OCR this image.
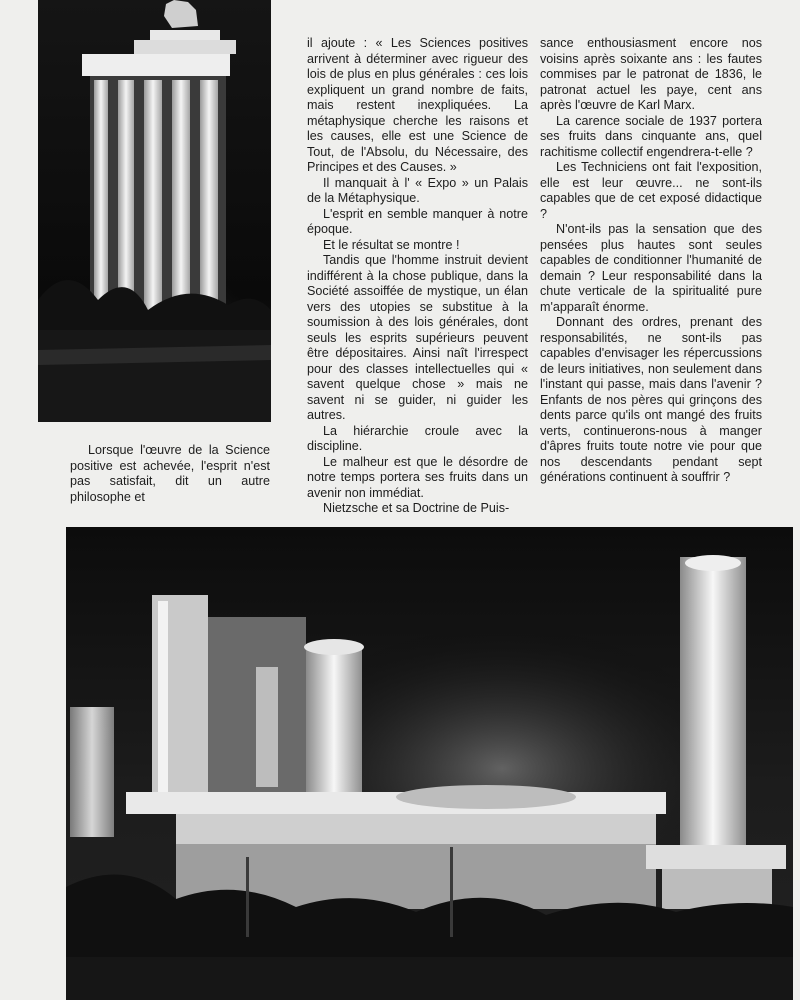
Lorsque l'œuvre de la Science positive est achevée, l'esprit n'est pas satisfait, dit un autre philosophe et

il ajoute : « Les Sciences positives arrivent à déterminer avec rigueur des lois de plus en plus générales : ces lois expliquent un grand nombre de faits, mais restent inexpliquées. La métaphysique cherche les raisons et les causes, elle est une Science de Tout, de l'Absolu, du Nécessaire, des Principes et des Causes. »

Il manquait à l' « Expo » un Palais de la Métaphysique.

L'esprit en semble manquer à notre époque.

Et le résultat se montre !

Tandis que l'homme instruit devient indifférent à la chose publique, dans la Société assoiffée de mystique, un élan vers des utopies se substitue à la soumission à des lois générales, dont seuls les esprits supérieurs peuvent être dépositaires. Ainsi naît l'irrespect pour des classes intellectuelles qui « savent quelque chose » mais ne savent ni se guider, ni guider les autres.

La hiérarchie croule avec la discipline.

Le malheur est que le désordre de notre temps portera ses fruits dans un avenir non immédiat.

Nietzsche et sa Doctrine de Puis-

sance enthousiasment encore nos voisins après soixante ans : les fautes commises par le patronat de 1836, le patronat actuel les paye, cent ans après l'œuvre de Karl Marx.

La carence sociale de 1937 portera ses fruits dans cinquante ans, quel rachitisme collectif engendrera-t-elle ?

Les Techniciens ont fait l'exposition, elle est leur œuvre... ne sont-ils capables que de cet exposé didactique ?

N'ont-ils pas la sensation que des pensées plus hautes sont seules capables de conditionner l'humanité de demain ? Leur responsabilité dans la chute verticale de la spiritualité pure m'apparaît énorme.

Donnant des ordres, prenant des responsabilités, ne sont-ils pas capables d'envisager les répercussions de leurs initiatives, non seulement dans l'instant qui passe, mais dans l'avenir ? Enfants de nos pères qui grinçons des dents parce qu'ils ont mangé des fruits verts, continuerons-nous à manger d'âpres fruits toute notre vie pour que nos descendants pendant sept générations continuent à souffrir ?
